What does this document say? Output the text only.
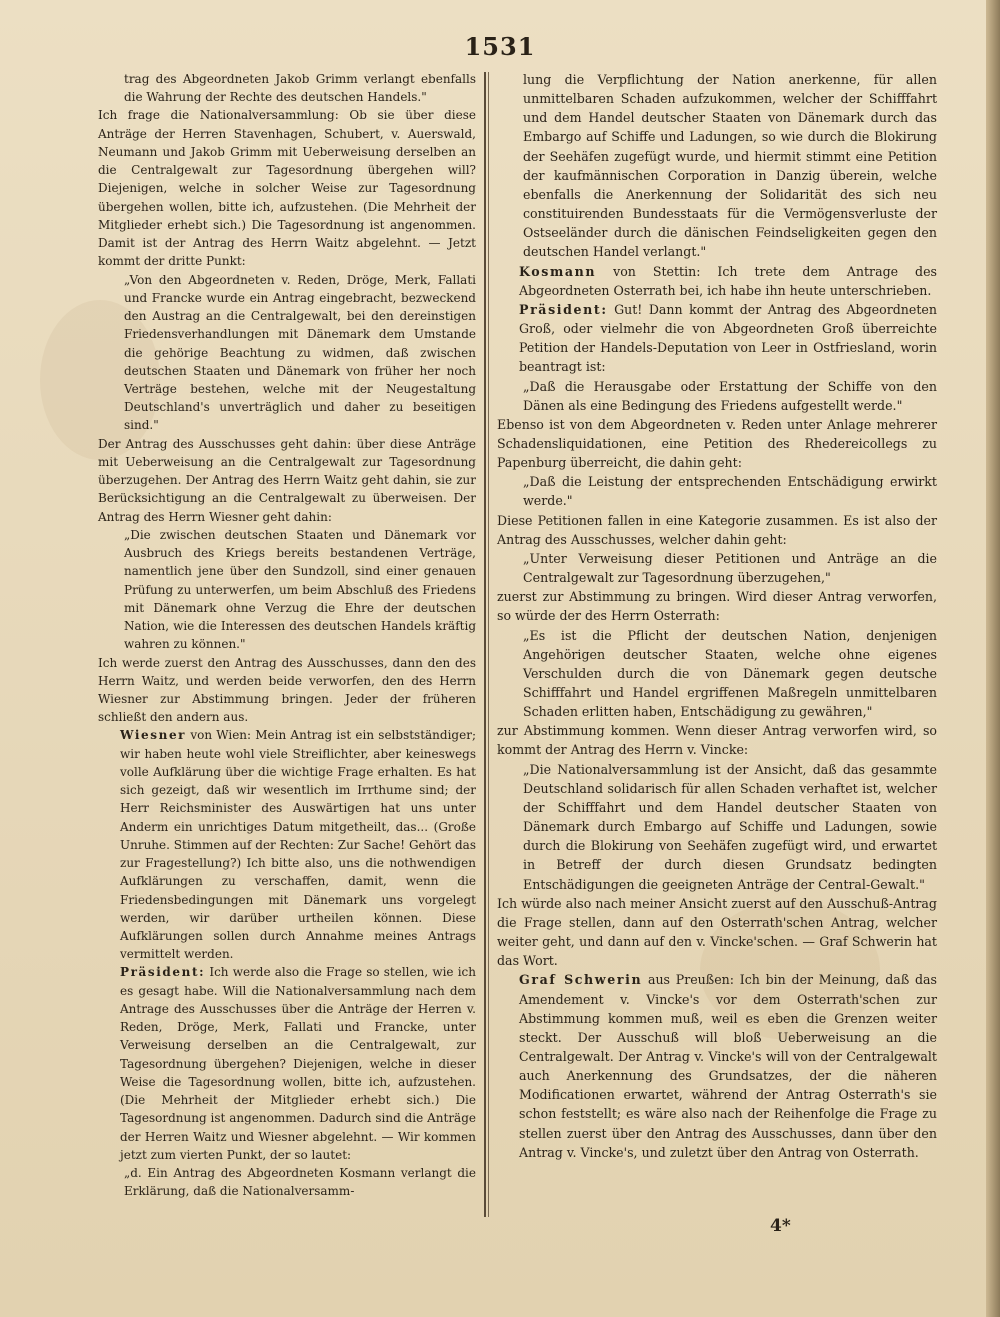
1531

trag des Abgeordneten Jakob Grimm verlangt ebenfalls die Wahrung der Rechte des deutschen Handels."

Ich frage die Nationalversammlung: Ob sie über diese Anträge der Herren Stavenhagen, Schubert, v. Auerswald, Neumann und Jakob Grimm mit Ueberweisung derselben an die Centralgewalt zur Tagesordnung übergehen will? Diejenigen, welche in solcher Weise zur Tagesordnung übergehen wollen, bitte ich, aufzustehen. (Die Mehrheit der Mitglieder erhebt sich.) Die Tagesordnung ist angenommen. Damit ist der Antrag des Herrn Waitz abgelehnt. — Jetzt kommt der dritte Punkt:

„Von den Abgeordneten v. Reden, Dröge, Merk, Fallati und Francke wurde ein Antrag eingebracht, bezweckend den Austrag an die Centralgewalt, bei den dereinstigen Friedensverhandlungen mit Dänemark dem Umstande die gehörige Beachtung zu widmen, daß zwischen deutschen Staaten und Dänemark von früher her noch Verträge bestehen, welche mit der Neugestaltung Deutschland's unverträglich und daher zu beseitigen sind."

Der Antrag des Ausschusses geht dahin: über diese Anträge mit Ueberweisung an die Centralgewalt zur Tagesordnung überzugehen. Der Antrag des Herrn Waitz geht dahin, sie zur Berücksichtigung an die Centralgewalt zu überweisen. Der Antrag des Herrn Wiesner geht dahin:

„Die zwischen deutschen Staaten und Dänemark vor Ausbruch des Kriegs bereits bestandenen Verträge, namentlich jene über den Sundzoll, sind einer genauen Prüfung zu unterwerfen, um beim Abschluß des Friedens mit Dänemark ohne Verzug die Ehre der deutschen Nation, wie die Interessen des deutschen Handels kräftig wahren zu können."

Ich werde zuerst den Antrag des Ausschusses, dann den des Herrn Waitz, und werden beide verworfen, den des Herrn Wiesner zur Abstimmung bringen. Jeder der früheren schließt den andern aus.

Wiesner von Wien: Mein Antrag ist ein selbstständiger; wir haben heute wohl viele Streiflichter, aber keineswegs volle Aufklärung über die wichtige Frage erhalten. Es hat sich gezeigt, daß wir wesentlich im Irrthume sind; der Herr Reichsminister des Auswärtigen hat uns unter Anderm ein unrichtiges Datum mitgetheilt, das... (Große Unruhe. Stimmen auf der Rechten: Zur Sache! Gehört das zur Fragestellung?) Ich bitte also, uns die nothwendigen Aufklärungen zu verschaffen, damit, wenn die Friedensbedingungen mit Dänemark uns vorgelegt werden, wir darüber urtheilen können. Diese Aufklärungen sollen durch Annahme meines Antrags vermittelt werden.

Präsident: Ich werde also die Frage so stellen, wie ich es gesagt habe. Will die Nationalversammlung nach dem Antrage des Ausschusses über die Anträge der Herren v. Reden, Dröge, Merk, Fallati und Francke, unter Verweisung derselben an die Centralgewalt, zur Tagesordnung übergehen? Diejenigen, welche in dieser Weise die Tagesordnung wollen, bitte ich, aufzustehen. (Die Mehrheit der Mitglieder erhebt sich.) Die Tagesordnung ist angenommen. Dadurch sind die Anträge der Herren Waitz und Wiesner abgelehnt. — Wir kommen jetzt zum vierten Punkt, der so lautet:

„d. Ein Antrag des Abgeordneten Kosmann verlangt die Erklärung, daß die Nationalversamm-

lung die Verpflichtung der Nation anerkenne, für allen unmittelbaren Schaden aufzukommen, welcher der Schifffahrt und dem Handel deutscher Staaten von Dänemark durch das Embargo auf Schiffe und Ladungen, so wie durch die Blokirung der Seehäfen zugefügt wurde, und hiermit stimmt eine Petition der kaufmännischen Corporation in Danzig überein, welche ebenfalls die Anerkennung der Solidarität des sich neu constituirenden Bundesstaats für die Vermögensverluste der Ostseeländer durch die dänischen Feindseligkeiten gegen den deutschen Handel verlangt."

Kosmann von Stettin: Ich trete dem Antrage des Abgeordneten Osterrath bei, ich habe ihn heute unterschrieben.

Präsident: Gut! Dann kommt der Antrag des Abgeordneten Groß, oder vielmehr die von Abgeordneten Groß überreichte Petition der Handels-Deputation von Leer in Ostfriesland, worin beantragt ist:

„Daß die Herausgabe oder Erstattung der Schiffe von den Dänen als eine Bedingung des Friedens aufgestellt werde."

Ebenso ist von dem Abgeordneten v. Reden unter Anlage mehrerer Schadensliquidationen, eine Petition des Rhedereicollegs zu Papenburg überreicht, die dahin geht:

„Daß die Leistung der entsprechenden Entschädigung erwirkt werde."

Diese Petitionen fallen in eine Kategorie zusammen. Es ist also der Antrag des Ausschusses, welcher dahin geht:

„Unter Verweisung dieser Petitionen und Anträge an die Centralgewalt zur Tagesordnung überzugehen,"

zuerst zur Abstimmung zu bringen. Wird dieser Antrag verworfen, so würde der des Herrn Osterrath:

„Es ist die Pflicht der deutschen Nation, denjenigen Angehörigen deutscher Staaten, welche ohne eigenes Verschulden durch die von Dänemark gegen deutsche Schifffahrt und Handel ergriffenen Maßregeln unmittelbaren Schaden erlitten haben, Entschädigung zu gewähren,"

zur Abstimmung kommen. Wenn dieser Antrag verworfen wird, so kommt der Antrag des Herrn v. Vincke:

„Die Nationalversammlung ist der Ansicht, daß das gesammte Deutschland solidarisch für allen Schaden verhaftet ist, welcher der Schifffahrt und dem Handel deutscher Staaten von Dänemark durch Embargo auf Schiffe und Ladungen, sowie durch die Blokirung von Seehäfen zugefügt wird, und erwartet in Betreff der durch diesen Grundsatz bedingten Entschädigungen die geeigneten Anträge der Central-Gewalt."

Ich würde also nach meiner Ansicht zuerst auf den Ausschuß-Antrag die Frage stellen, dann auf den Osterrath'schen Antrag, welcher weiter geht, und dann auf den v. Vincke'schen. — Graf Schwerin hat das Wort.

Graf Schwerin aus Preußen: Ich bin der Meinung, daß das Amendement v. Vincke's vor dem Osterrath'schen zur Abstimmung kommen muß, weil es eben die Grenzen weiter steckt. Der Ausschuß will bloß Ueberweisung an die Centralgewalt. Der Antrag v. Vincke's will von der Centralgewalt auch Anerkennung des Grundsatzes, der die näheren Modificationen erwartet, während der Antrag Osterrath's sie schon feststellt; es wäre also nach der Reihenfolge die Frage zu stellen zuerst über den Antrag des Ausschusses, dann über den Antrag v. Vincke's, und zuletzt über den Antrag von Osterrath.

4*
